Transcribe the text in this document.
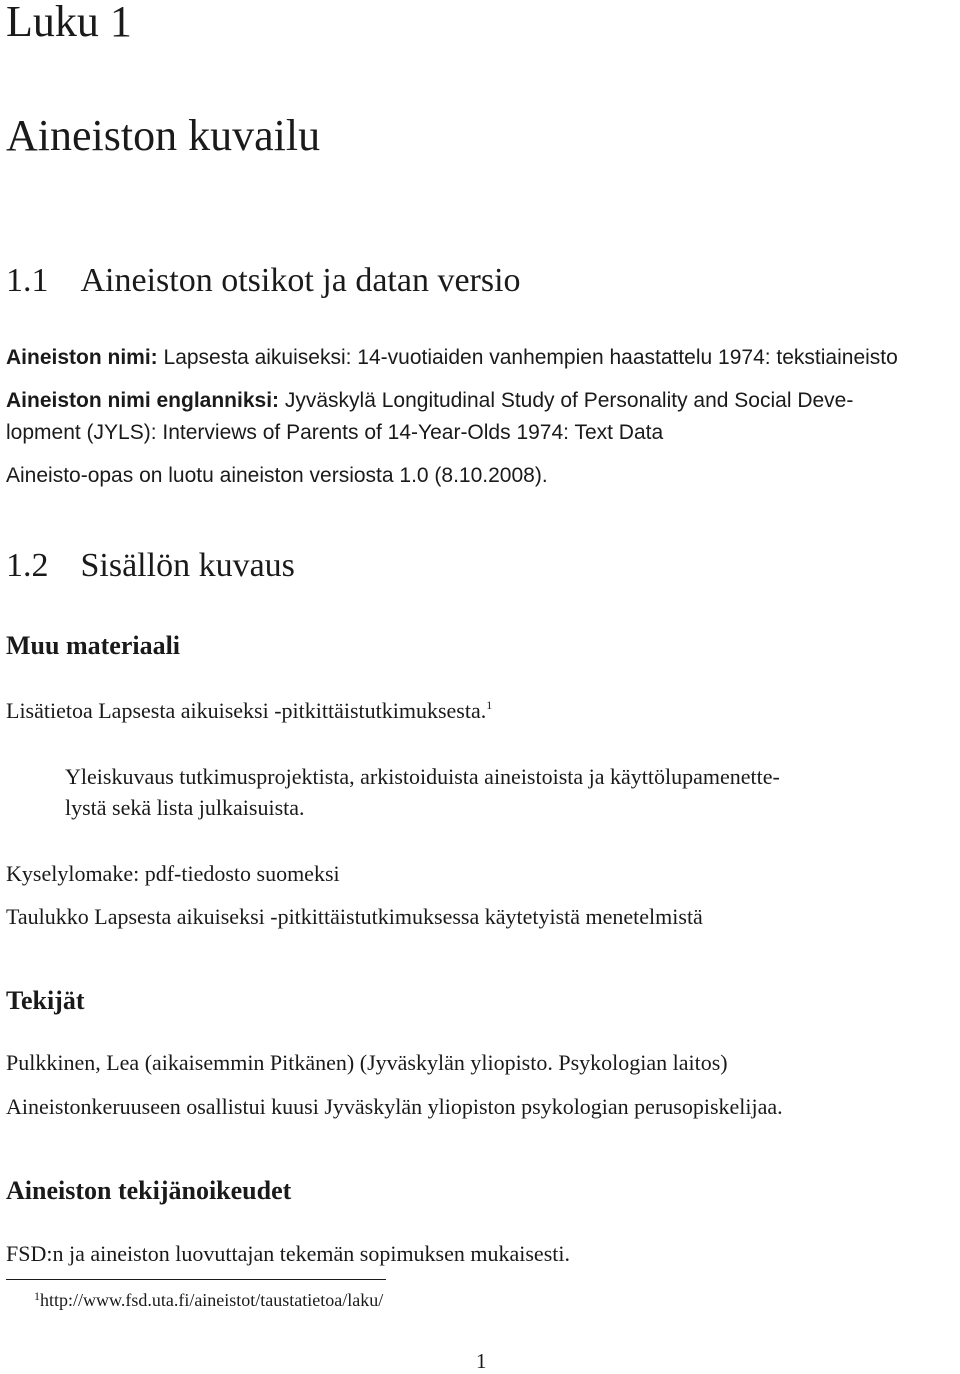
Luku 1
Aineiston kuvailu
1.1 Aineiston otsikot ja datan versio

Aineiston nimi: Lapsesta aikuiseksi: 14-vuotiaiden vanhempien haastattelu 1974: tekstiaineisto

Aineiston nimi englanniksi: Jyväskylä Longitudinal Study of Personality and Social Deve-

lopment (JYLS): Interviews of Parents of 14-Year-Olds 1974: Text Data

Aineisto-opas on luotu aineiston versiosta 1.0 (8.10.2008).

1.2 Sisällön kuvaus
Muu materiaali

Lisätietoa Lapsesta aikuiseksi -pitkittäistutkimuksesta.$^1$

Yleiskuvaus tutkimusprojektista, arkistoiduista aineistoista ja käyttölupamenette-

lystä sekä lista julkaisuista.

Kyselylomake: pdf-tiedosto suomeksi

Taulukko Lapsesta aikuiseksi -pitkittäistutkimuksessa käytetyistä menetelmistä

Tekijät

Pulkkinen, Lea (aikaisemmin Pitkänen) (Jyväskylän yliopisto. Psykologian laitos)

Aineistonkeruuseen osallistui kuusi Jyväskylän yliopiston psykologian perusopiskelijaa.

Aineiston tekijänoikeudet

FSD:n ja aineiston luovuttajan tekemän sopimuksen mukaisesti.

$^1$http://www.fsd.uta.fi/aineistot/taustatietoa/laku/
1
